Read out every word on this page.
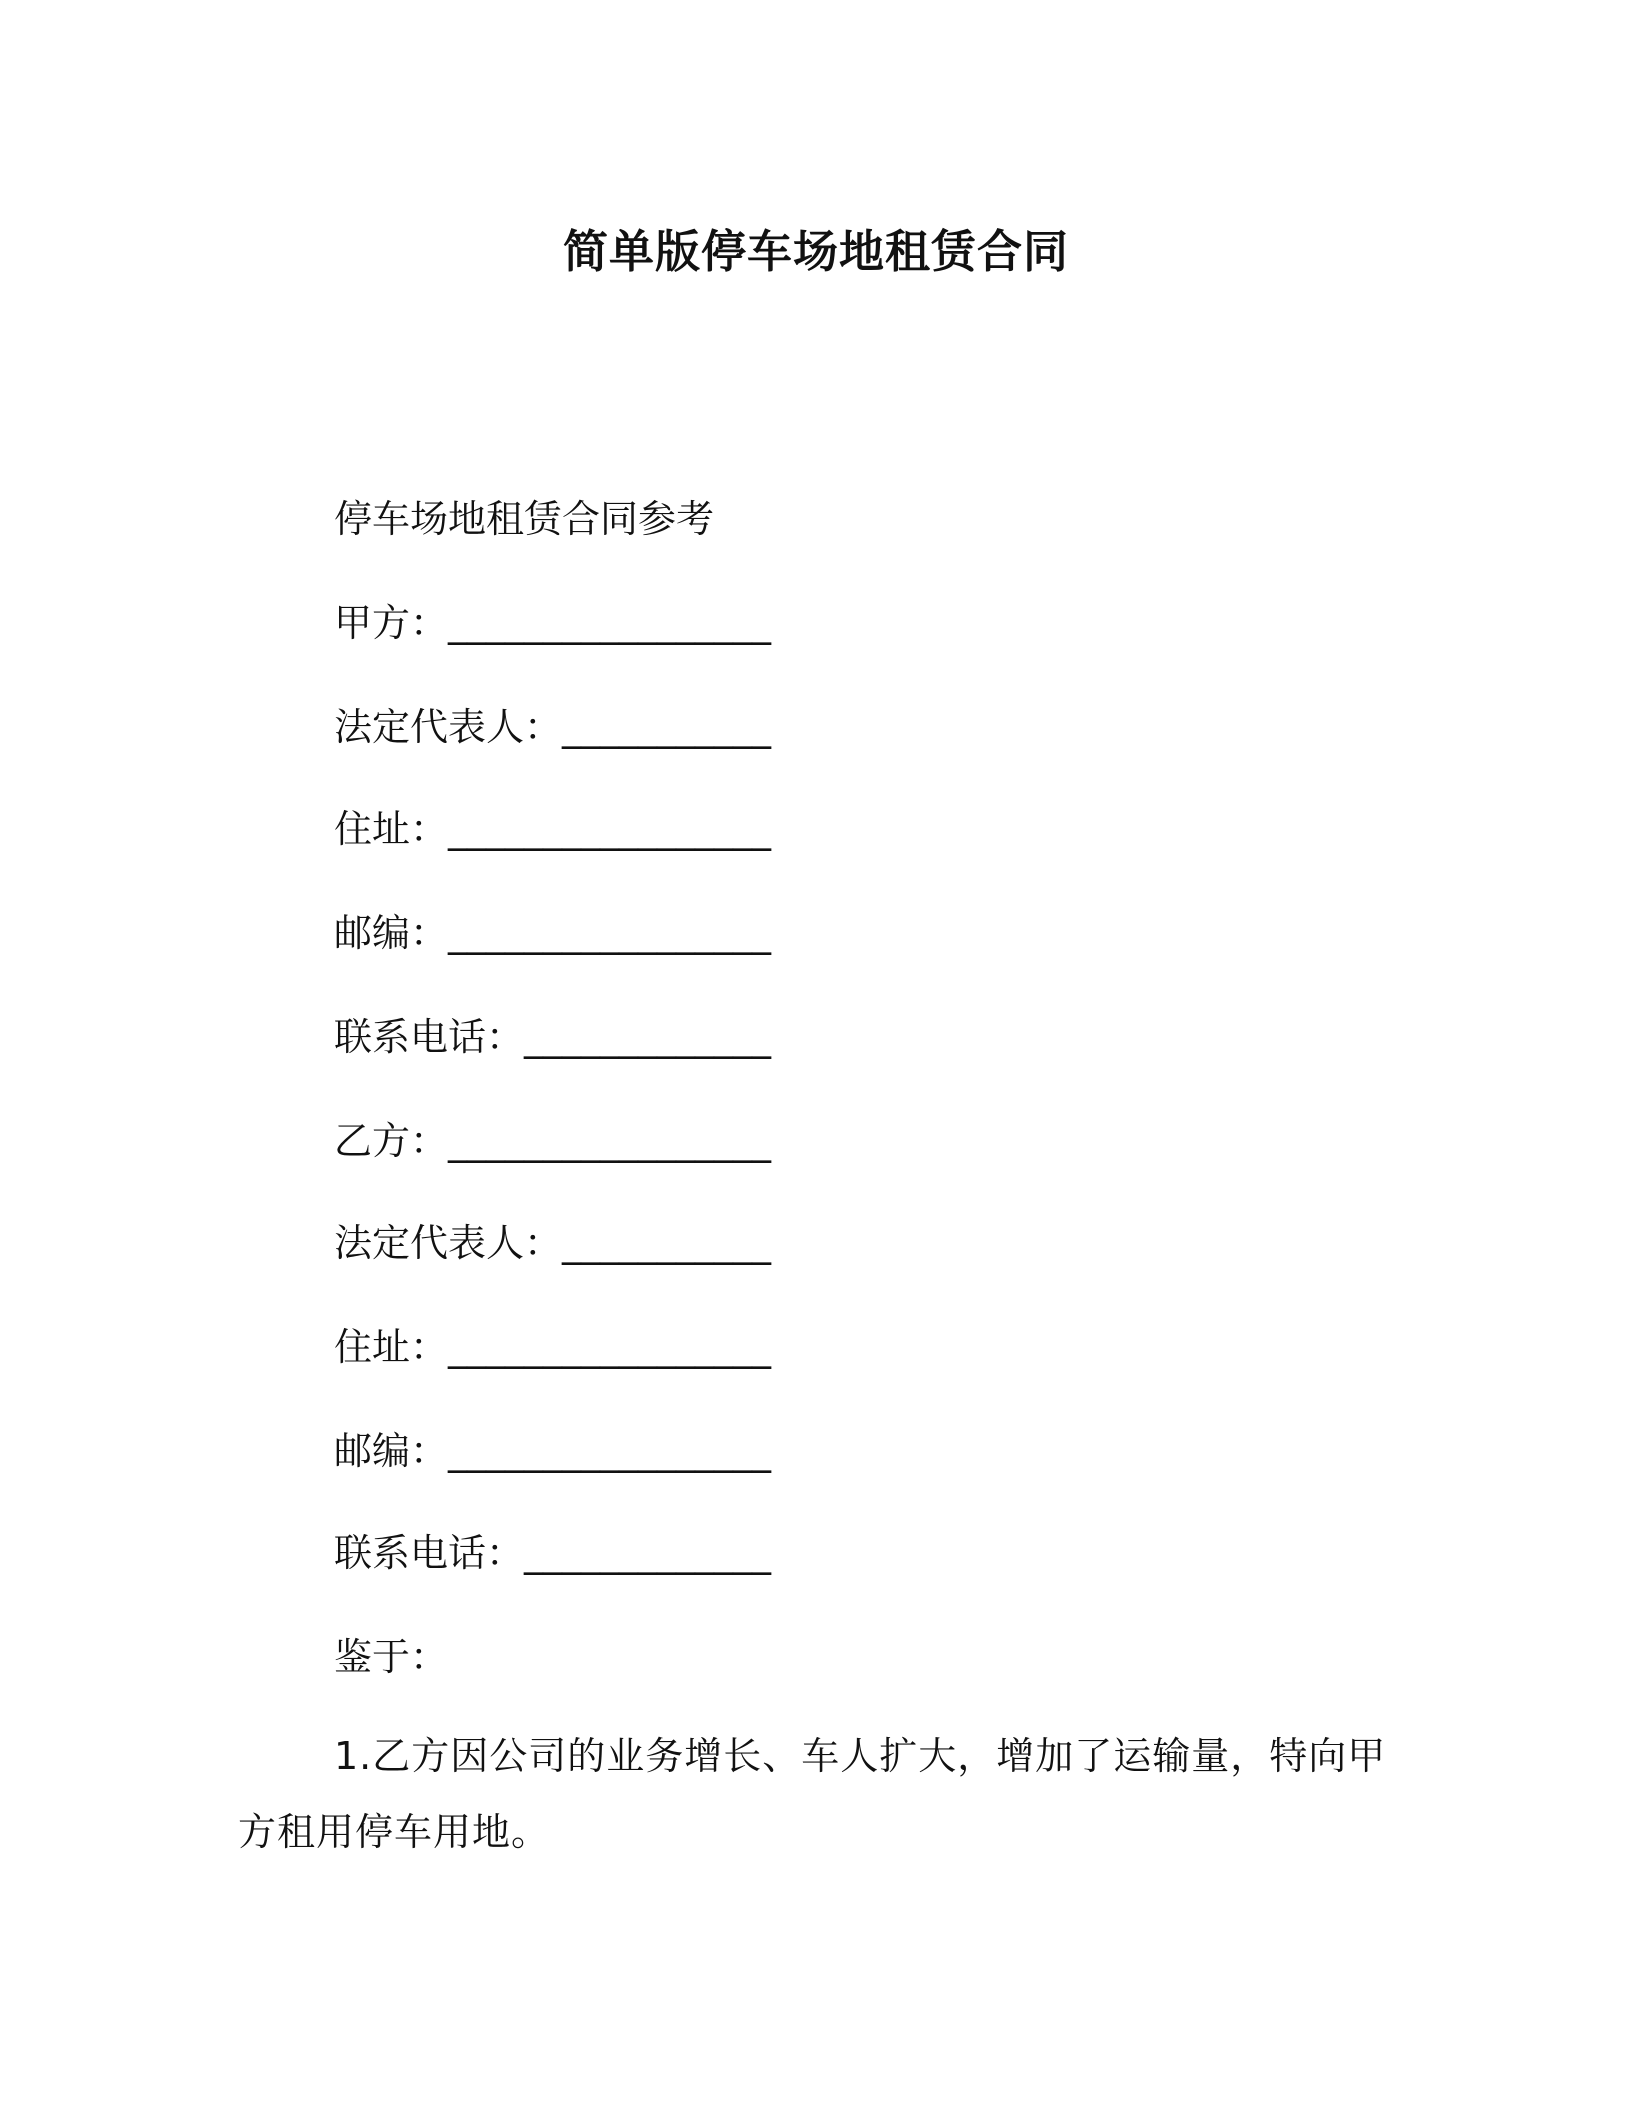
简单版停车场地租赁合同

停车场地租赁合同参考

甲方：_________________

法定代表人：___________

住址：_________________

邮编：_________________

联系电话：_____________

乙方：_________________

法定代表人：___________

住址：_________________

邮编：_________________

联系电话：_____________

鉴于：

1.乙方因公司的业务增长、车人扩大，增加了运输量，特向甲方租用停车用地。
